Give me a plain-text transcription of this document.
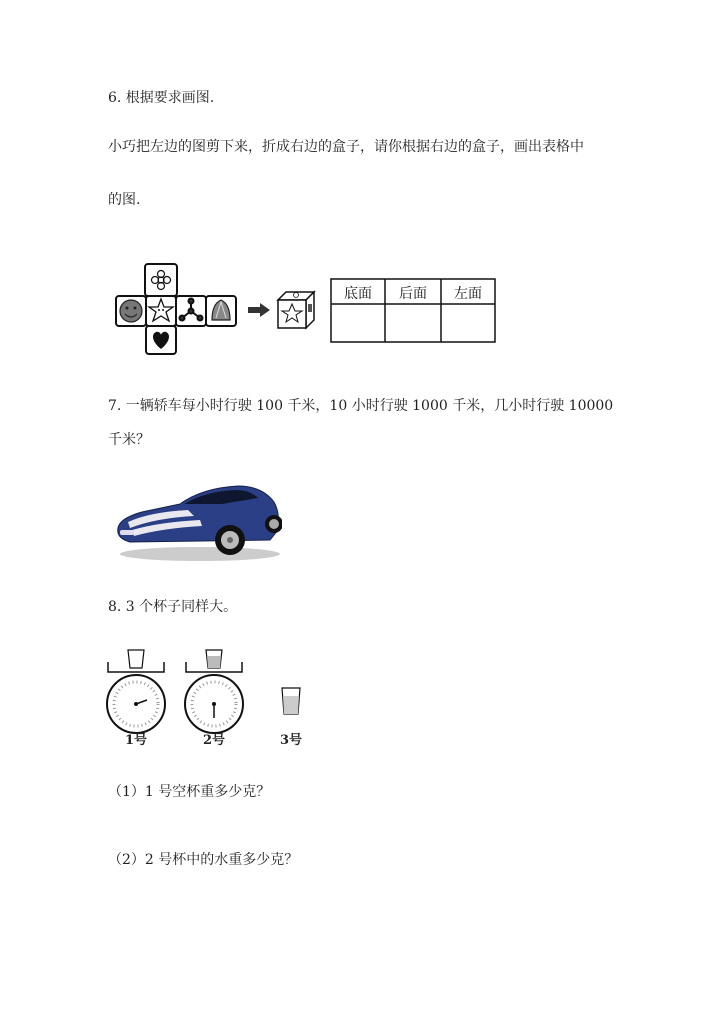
6. 根据要求画图.
小巧把左边的图剪下来，折成右边的盒子，请你根据右边的盒子，画出表格中
的图.
底面 后面 左面
7. 一辆轿车每小时行驶 100 千米，10 小时行驶 1000 千米，几小时行驶 10000
千米？
8. 3 个杯子同样大。
1号	2号	3号
（1）1 号空杯重多少克？
（2）2 号杯中的水重多少克？
